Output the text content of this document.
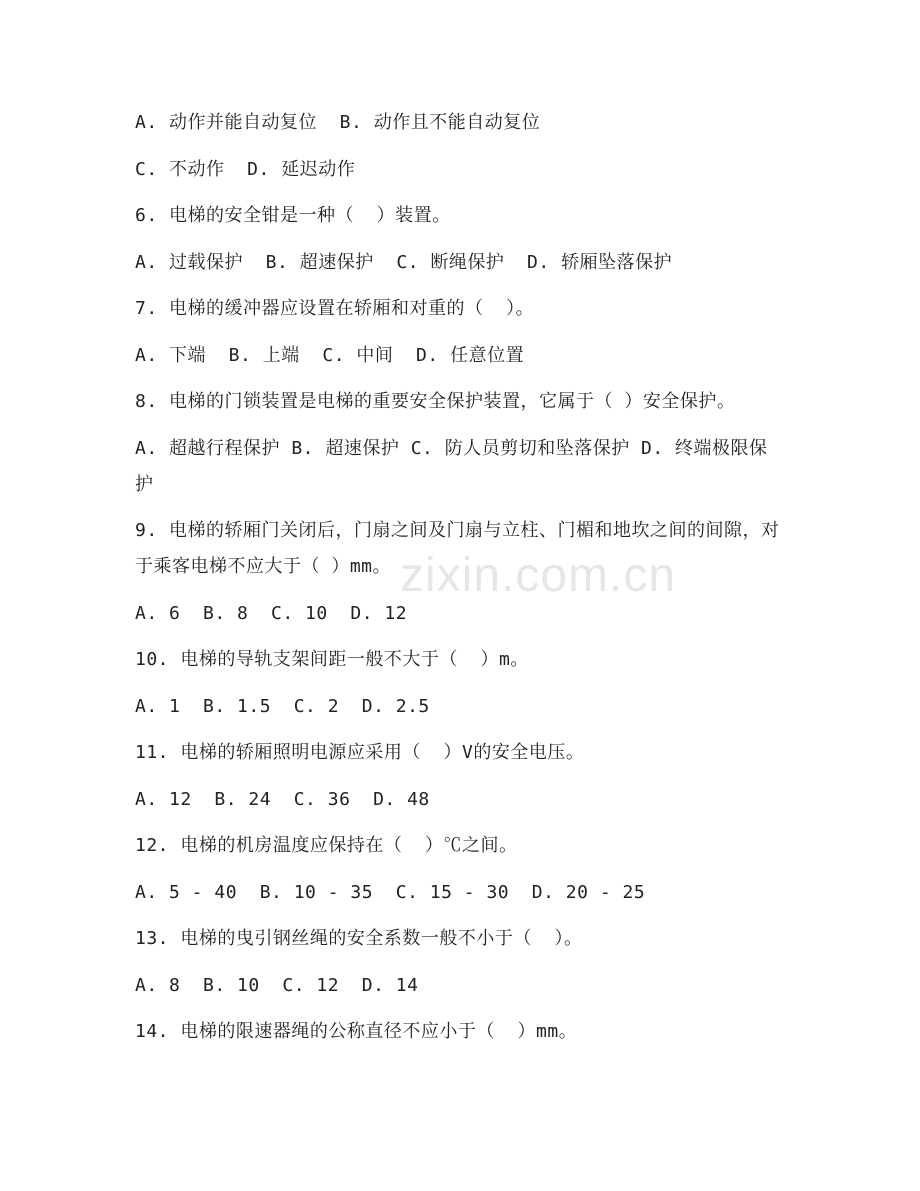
zixin.com.cn
A. 动作并能自动复位  B. 动作且不能自动复位
C. 不动作  D. 延迟动作
6. 电梯的安全钳是一种（  ）装置。
A. 过载保护  B. 超速保护  C. 断绳保护  D. 轿厢坠落保护
7. 电梯的缓冲器应设置在轿厢和对重的（  ）。
A. 下端  B. 上端  C. 中间  D. 任意位置
8. 电梯的门锁装置是电梯的重要安全保护装置，它属于（ ）安全保护。
A. 超越行程保护 B. 超速保护 C. 防人员剪切和坠落保护 D. 终端极限保护
9. 电梯的轿厢门关闭后，门扇之间及门扇与立柱、门楣和地坎之间的间隙，对于乘客电梯不应大于（ ）mm。
A. 6  B. 8  C. 10  D. 12
10. 电梯的导轨支架间距一般不大于（  ）m。
A. 1  B. 1.5  C. 2  D. 2.5
11. 电梯的轿厢照明电源应采用（  ）V的安全电压。
A. 12  B. 24  C. 36  D. 48
12. 电梯的机房温度应保持在（  ）℃之间。
A. 5 - 40  B. 10 - 35  C. 15 - 30  D. 20 - 25
13. 电梯的曳引钢丝绳的安全系数一般不小于（  ）。
A. 8  B. 10  C. 12  D. 14
14. 电梯的限速器绳的公称直径不应小于（  ）mm。
